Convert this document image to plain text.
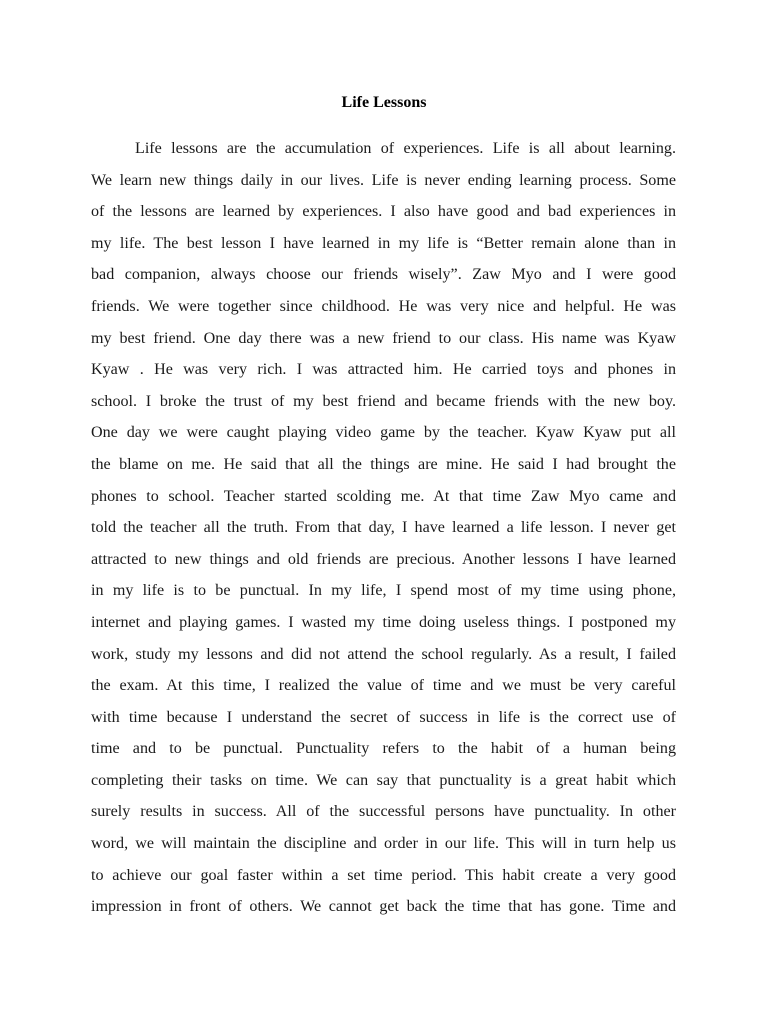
Life Lessons
Life lessons are the accumulation of experiences. Life is all about learning.
We learn new things daily in our lives. Life is never ending learning process. Some
of the lessons are learned by experiences. I also have good and bad experiences in
my life. The best lesson I have learned in my life is “Better remain alone than in
bad companion, always choose our friends wisely”. Zaw Myo and I were good
friends. We were together since childhood. He was very nice and helpful. He was
my best friend. One day there was a new friend to our class. His name was Kyaw
Kyaw . He was very rich. I was attracted him. He carried toys and phones in
school. I broke the trust of my best friend and became friends with the new boy.
One day we were caught playing video game by the teacher. Kyaw Kyaw put all
the blame on me. He said that all the things are mine. He said I had brought the
phones to school. Teacher started scolding me. At that time Zaw Myo came and
told the teacher all the truth. From that day, I have learned a life lesson. I never get
attracted to new things and old friends are precious. Another lessons I have learned
in my life is to be punctual. In my life, I spend most of my time using phone,
internet and playing games. I wasted my time doing useless things. I postponed my
work, study my lessons and did not attend the school regularly. As a result, I failed
the exam. At this time, I realized the value of time and we must be very careful
with time because I understand the secret of success in life is the correct use of
time and to be punctual. Punctuality refers to the habit of a human being
completing their tasks on time. We can say that punctuality is a great habit which
surely results in success. All of the successful persons have punctuality. In other
word, we will maintain the discipline and order in our life. This will in turn help us
to achieve our goal faster within a set time period. This habit create a very good
impression in front of others. We cannot get back the time that has gone. Time and
